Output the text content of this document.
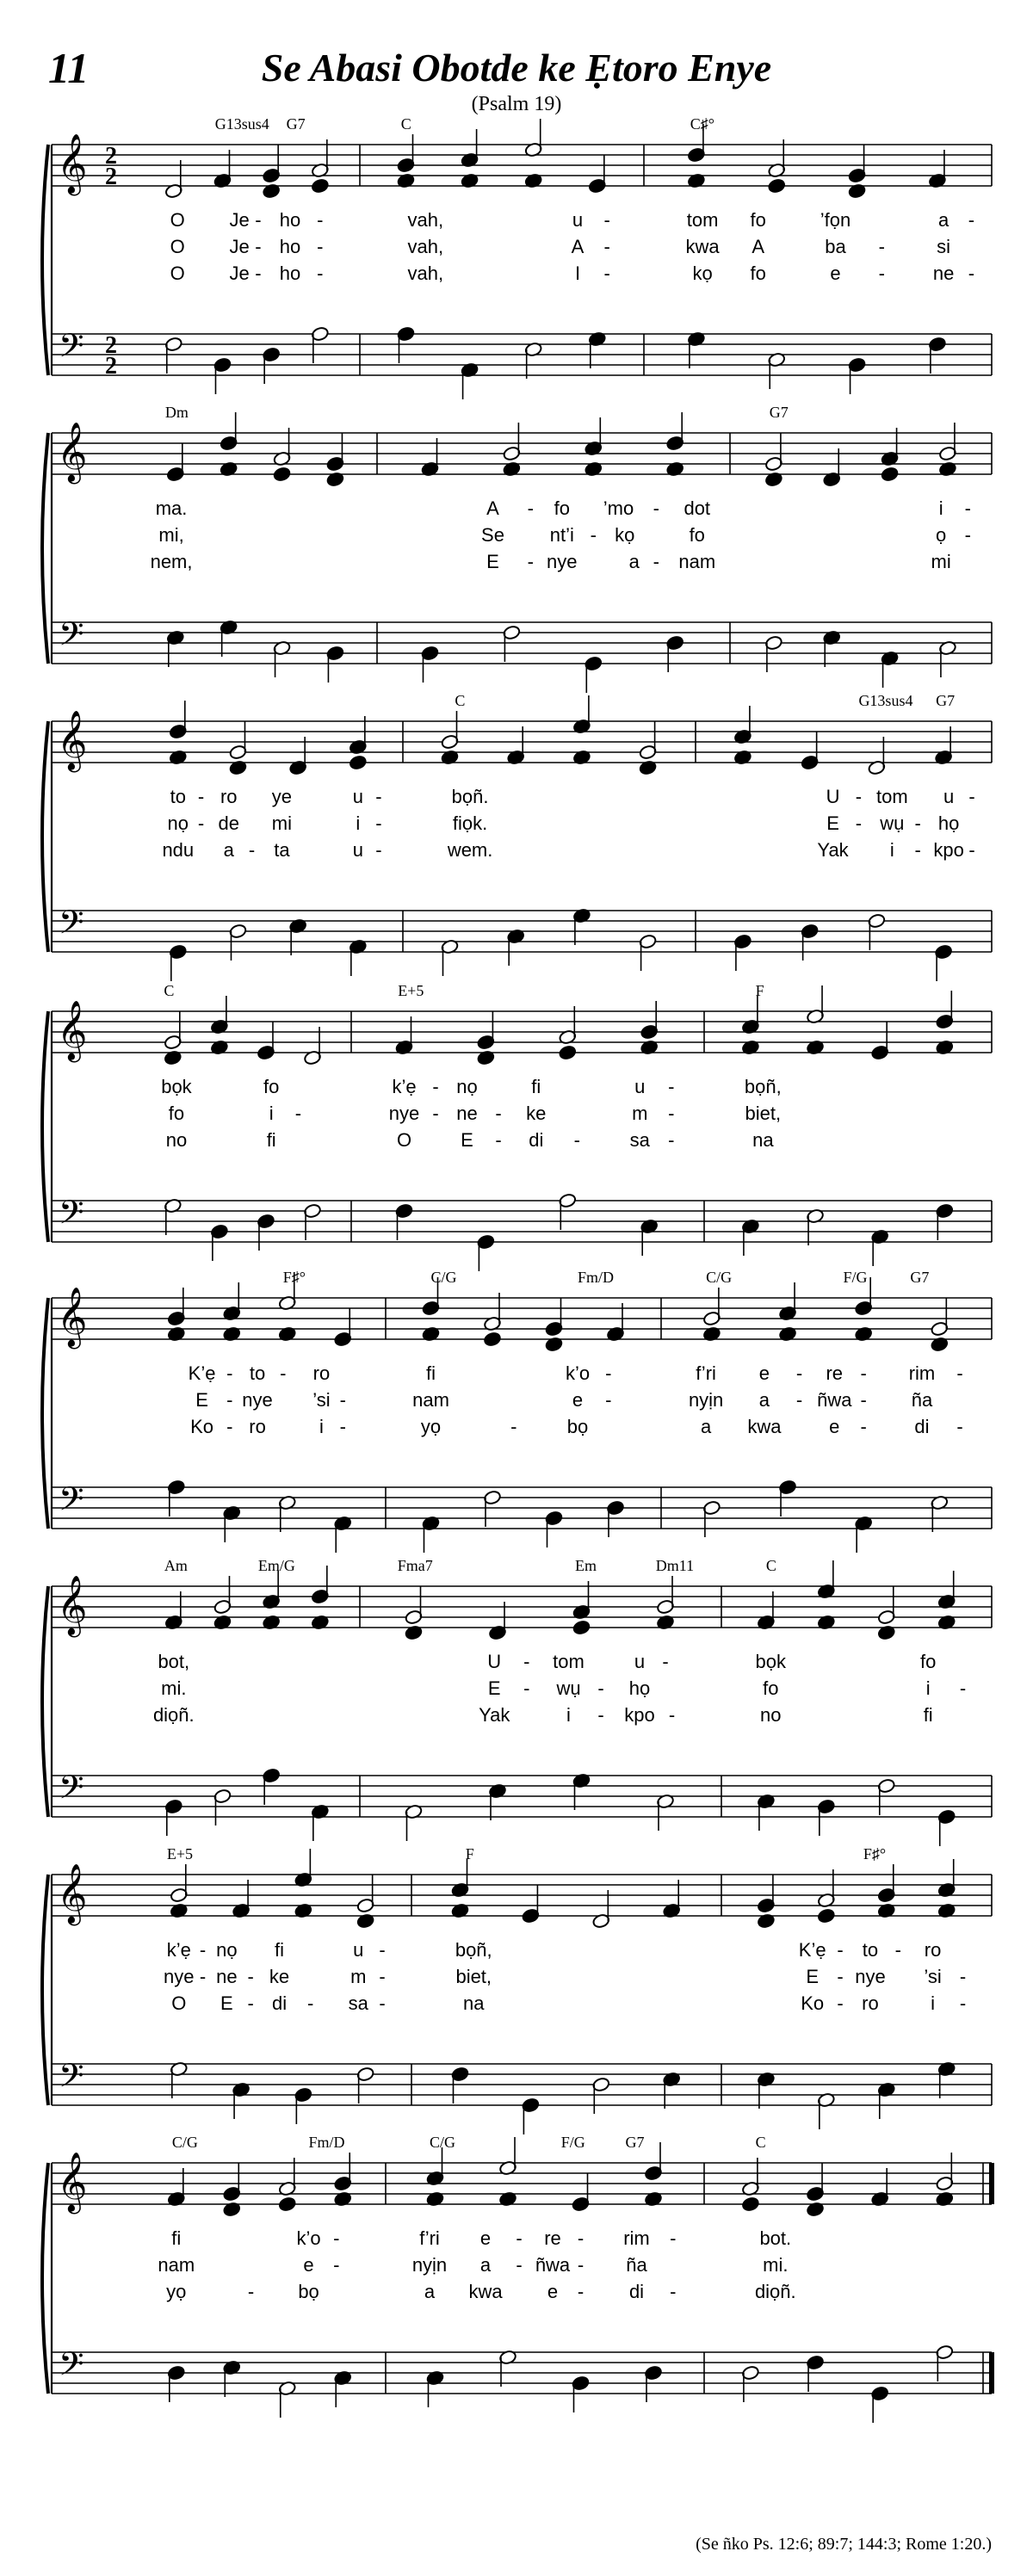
11	Se Abasi Obotde ke Ẹtoro Enye
(Psalm 19)
𝄞
𝄢
2
2
2
2
G13sus4 G7	C	C♯°
O Je - ho -	vah,	u -	tom fo	’fọn	a -
O Je - ho -	vah,	A -	kwa A	ba -	si
O Je - ho -	vah,	I -	kọ fo	e -	ne -
𝄞
𝄢
Dm	G7
ma.	A - fo ’mo - dot	i -
mi,	Se nt’i - kọ	fo	ọ -
nem,	E - nye	a - nam	mi
𝄞
𝄢
C	G13sus4 G7
to - ro ye	u -	bọñ.	U - tom u -
nọ - de mi	i -	fiọk.	E - wụ - họ
ndu a - ta	u -	wem.	Yak i - kpo -
𝄞
𝄢
C	E+5	F
bọk	fo	k’ẹ - nọ	fi	u -	bọñ,
fo	i -	nye - ne - ke	m -	biet,
no	fi	O	E - di -	sa -	na
𝄞
𝄢
F♯°	C/G	Fm/D	C/G	F/G	G7
K’ẹ - to - ro	fi	k’o -	f’ri e - re - rim -
E - nye ’si -	nam	e -	nyịn a - ñwa - ña
Ko - ro	i -	yọ	-	bọ	a kwa	e -	di -
𝄞
𝄢
Am	Em/G	Fma7	Em	Dm11	C
bot,	U - tom	u -	bọk	fo
mi.	E - wụ - họ	fo	i -
diọñ.	Yak	i - kpo -	no	fi
𝄞
𝄢
E+5	F	F♯°
k’ẹ - nọ fi	u -	bọñ,	K’ẹ - to - ro
nye - ne - ke	m -	biet,	E - nye ’si -
O E - di - sa -	na	Ko - ro	i -
𝄞
𝄢
C/G	Fm/D	C/G	F/G	G7	C
fi	k’o -	f’ri e - re - rim -	bot.
nam	e -	nyịn a - ñwa - ña	mi.
yọ	- bọ	a kwa e - di -	diọñ.
(Se ñko Ps. 12:6; 89:7; 144:3; Rome 1:20.)
